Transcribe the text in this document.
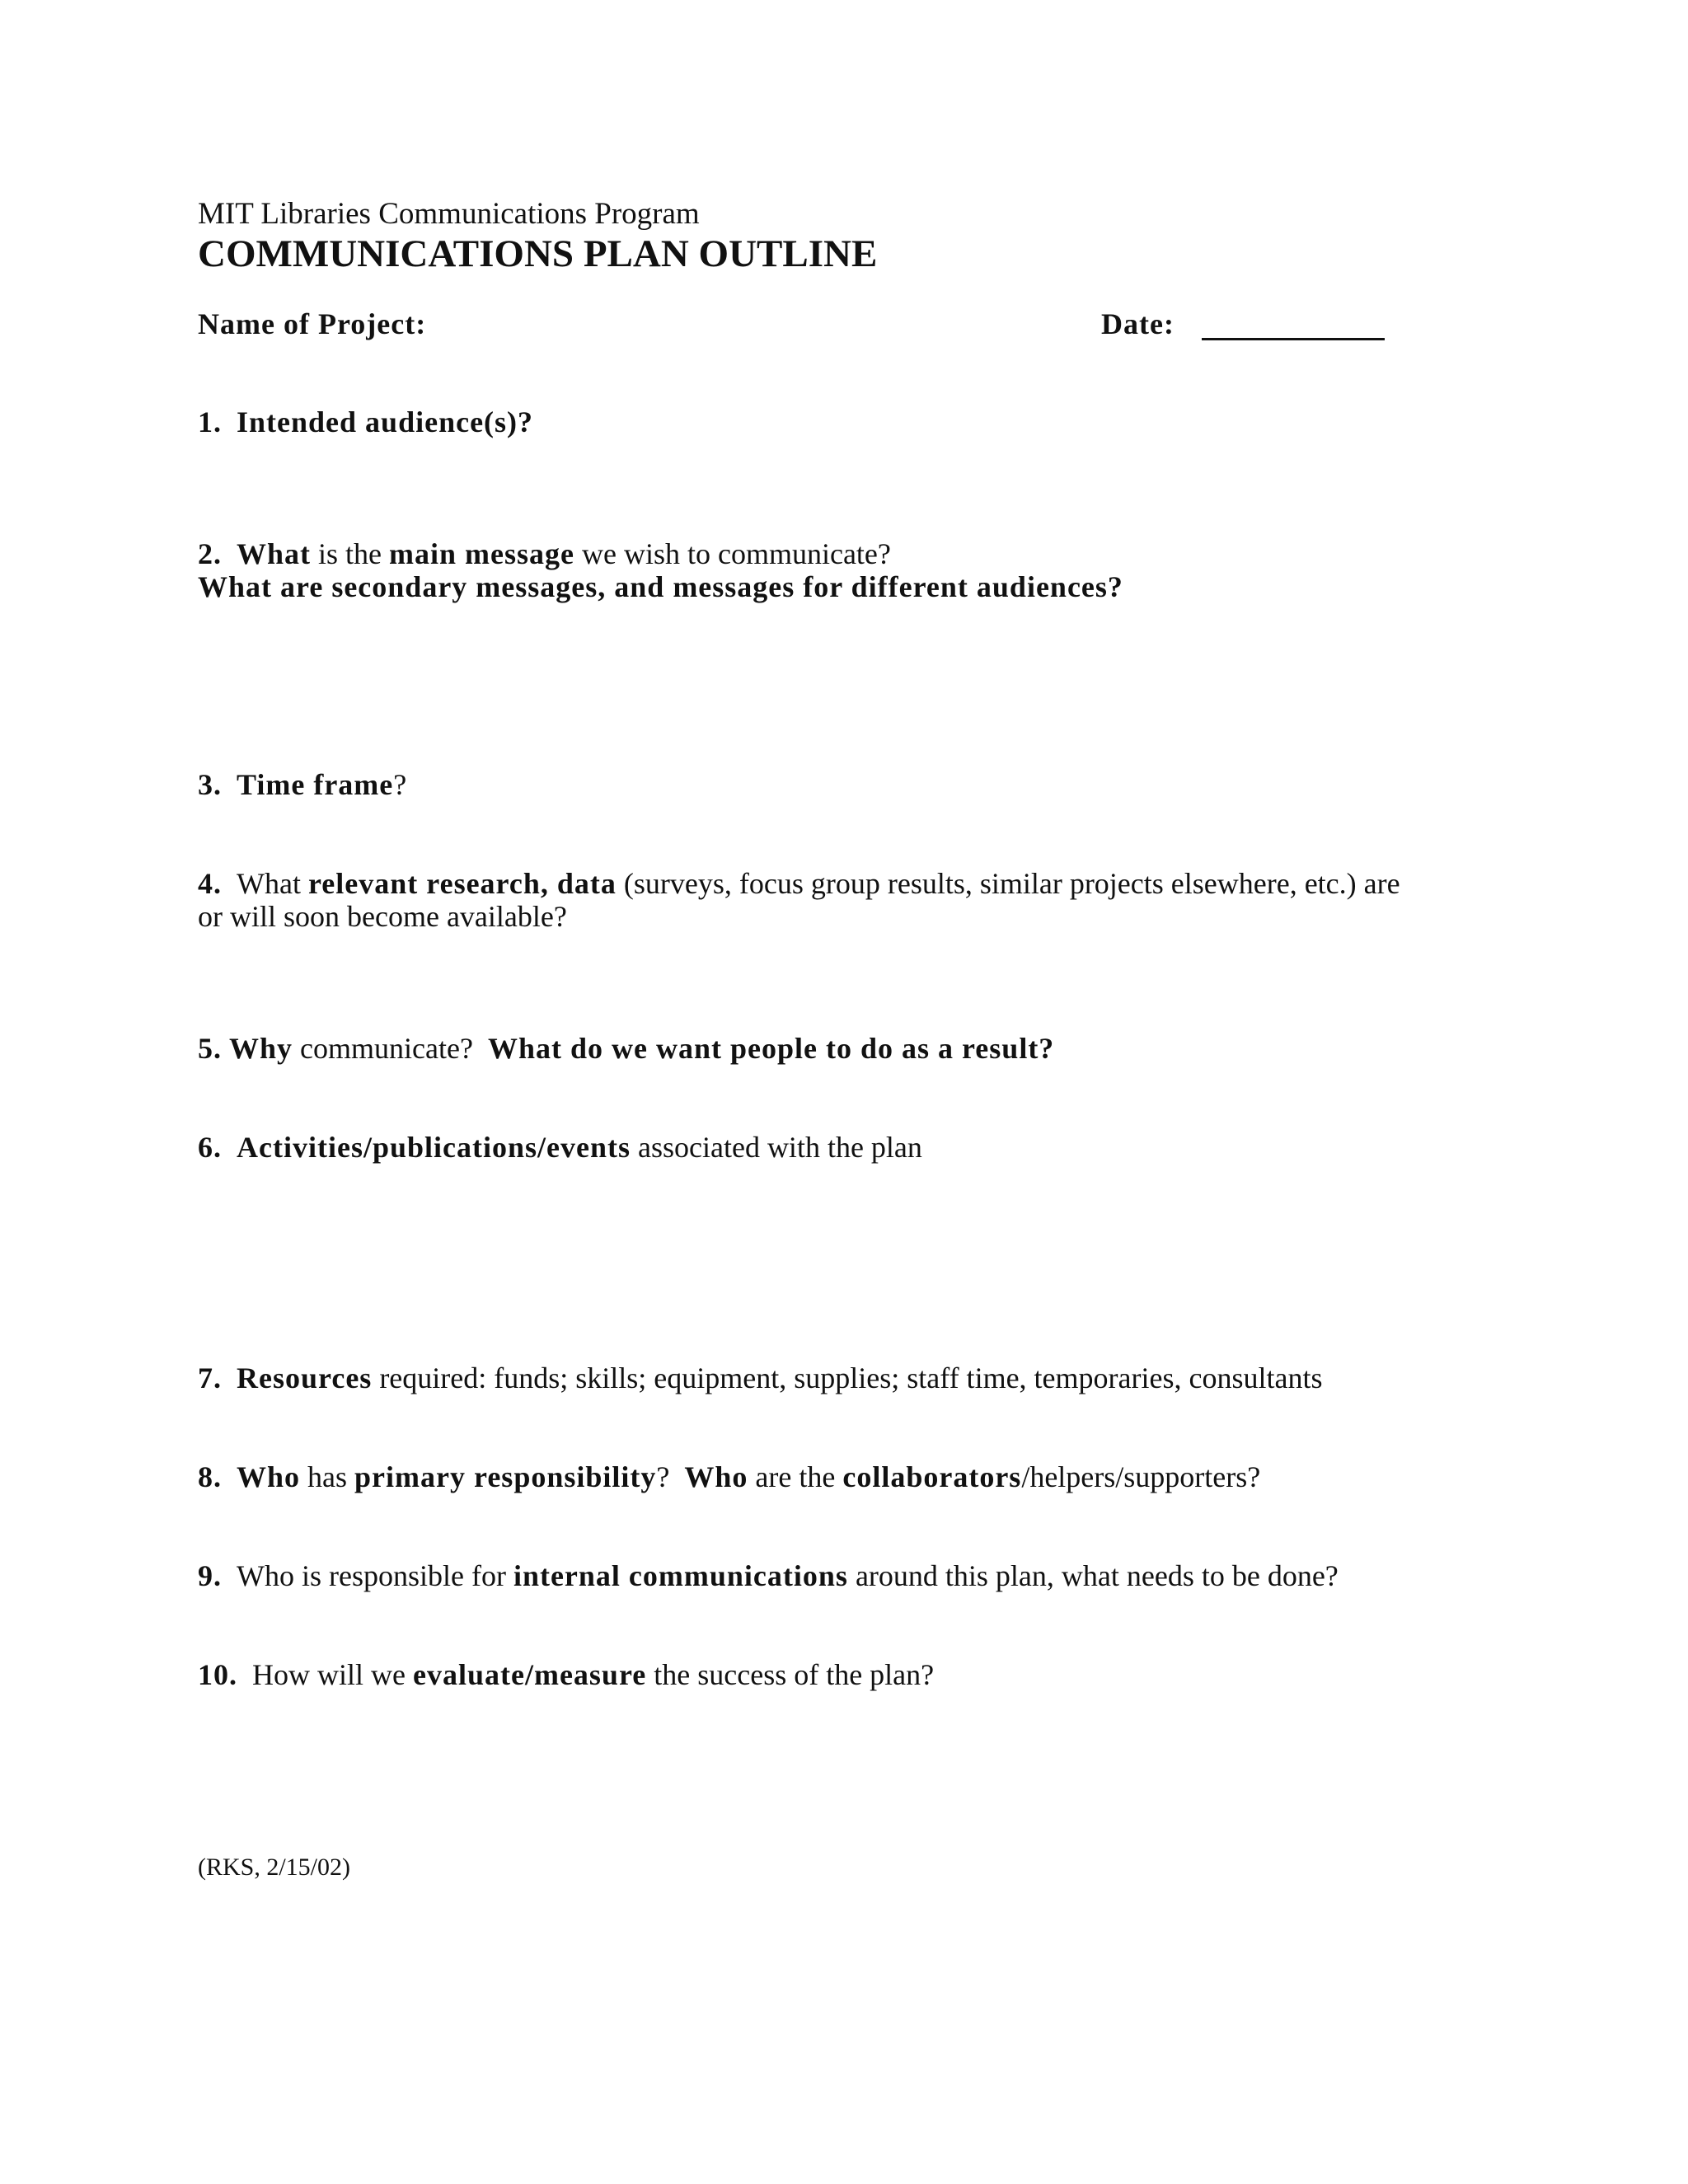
MIT Libraries Communications Program
COMMUNICATIONS PLAN OUTLINE
Name of Project:	Date:
1. Intended audience(s)?
2. What is the main message we wish to communicate?
What are secondary messages, and messages for different audiences?
3. Time frame?
4. What relevant research, data (surveys, focus group results, similar projects elsewhere, etc.) are
or will soon become available?
5. Why communicate? What do we want people to do as a result?
6. Activities/publications/events associated with the plan
7. Resources required: funds; skills; equipment, supplies; staff time, temporaries, consultants
8. Who has primary responsibility? Who are the collaborators/helpers/supporters?
9. Who is responsible for internal communications around this plan, what needs to be done?
10. How will we evaluate/measure the success of the plan?
(RKS, 2/15/02)
